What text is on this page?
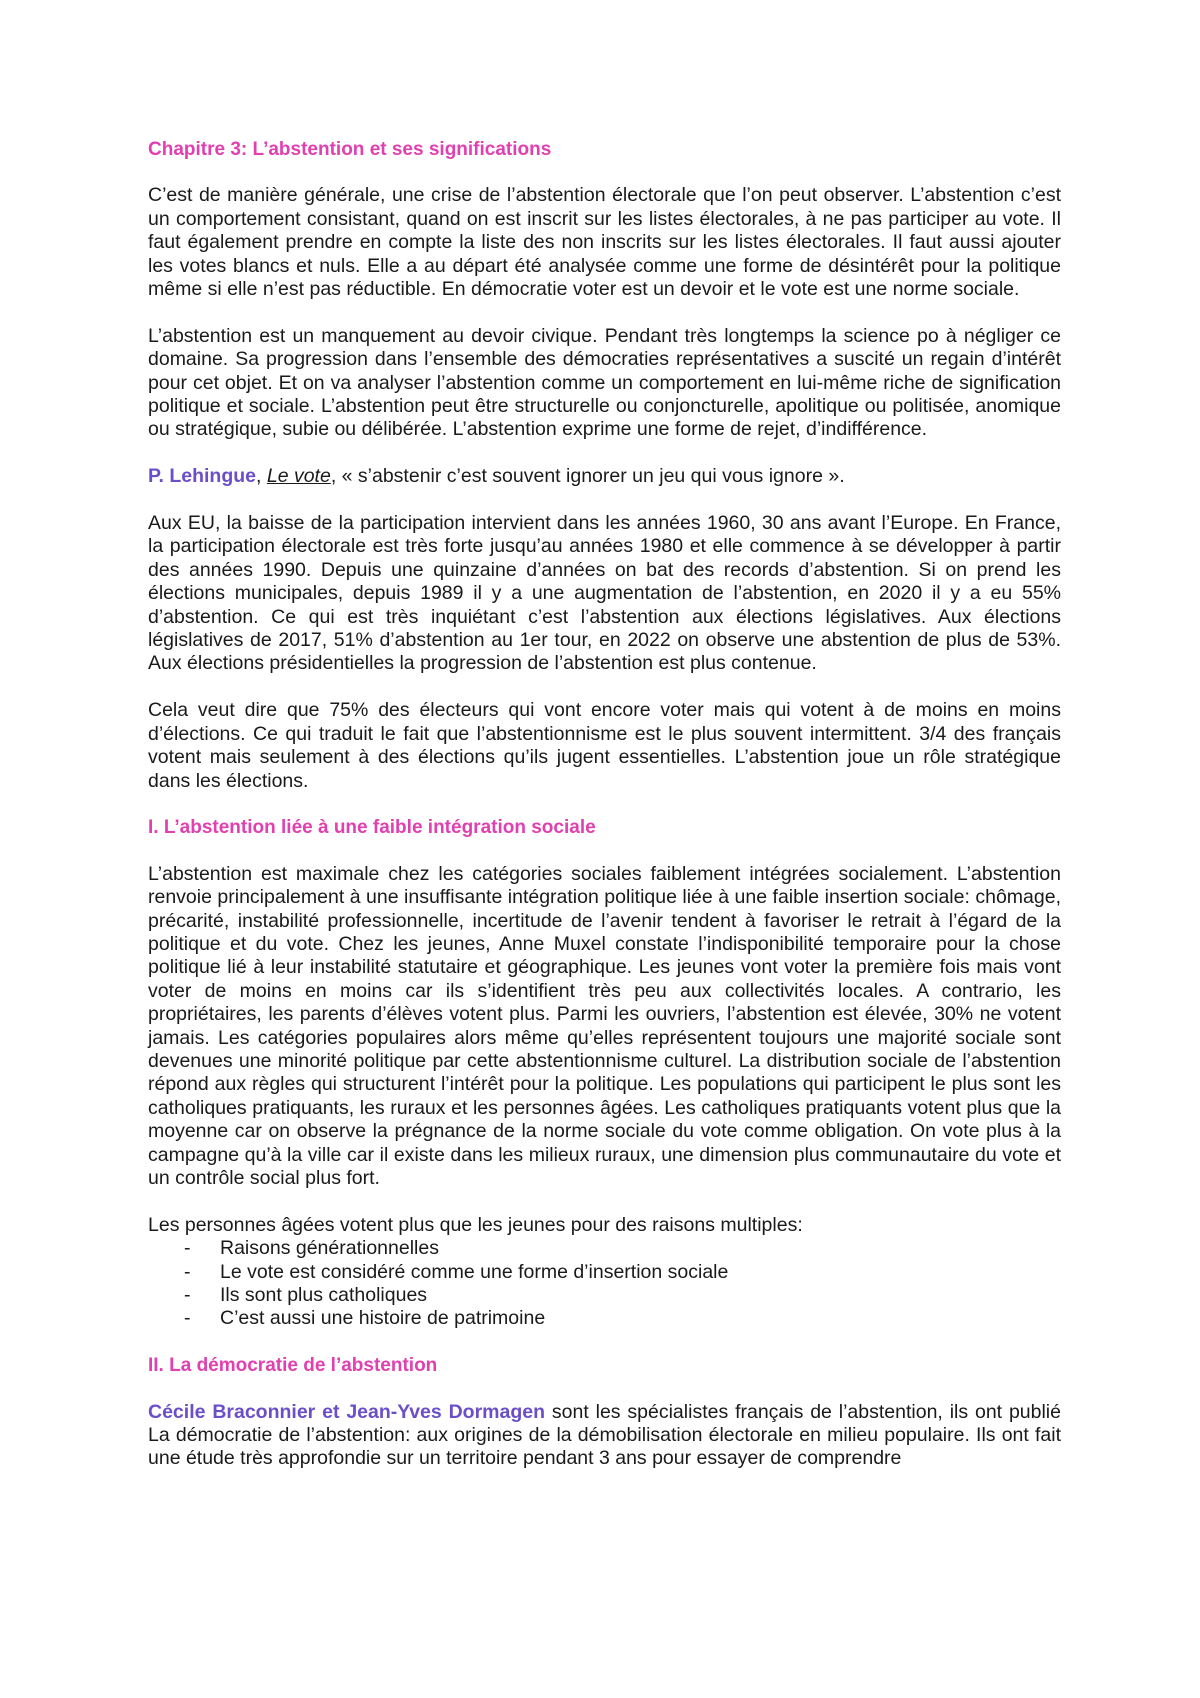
Chapitre 3: L’abstention et ses significations

C’est de manière générale, une crise de l’abstention électorale que l’on peut observer. L’abstention c’est un comportement consistant, quand on est inscrit sur les listes électorales, à ne pas participer au vote. Il faut également prendre en compte la liste des non inscrits sur les listes électorales. Il faut aussi ajouter les votes blancs et nuls. Elle a au départ été analysée comme une forme de désintérêt pour la politique même si elle n’est pas réductible. En démocratie voter est un devoir et le vote est une norme sociale.

L’abstention est un manquement au devoir civique. Pendant très longtemps la science po à négliger ce domaine. Sa progression dans l’ensemble des démocraties représentatives a suscité un regain d’intérêt pour cet objet. Et on va analyser l’abstention comme un comportement en lui-même riche de signification politique et sociale. L’abstention peut être structurelle ou conjoncturelle, apolitique ou politisée, anomique ou stratégique, subie ou délibérée. L’abstention exprime une forme de rejet, d’indifférence.

P. Lehingue, Le vote, « s’abstenir c’est souvent ignorer un jeu qui vous ignore ».

Aux EU, la baisse de la participation intervient dans les années 1960, 30 ans avant l’Europe. En France, la participation électorale est très forte jusqu’au années 1980 et elle commence à se développer à partir des années 1990. Depuis une quinzaine d’années on bat des records d’abstention. Si on prend les élections municipales, depuis 1989 il y a une augmentation de l’abstention, en 2020 il y a eu 55% d’abstention. Ce qui est très inquiétant c’est l’abstention aux élections législatives. Aux élections législatives de 2017, 51% d’abstention au 1er tour, en 2022 on observe une abstention de plus de 53%. Aux élections présidentielles la progression de l’abstention est plus contenue.

Cela veut dire que 75% des électeurs qui vont encore voter mais qui votent à de moins en moins d’élections. Ce qui traduit le fait que l’abstentionnisme est le plus souvent intermittent. 3/4 des français votent mais seulement à des élections qu’ils jugent essentielles. L’abstention joue un rôle stratégique dans les élections.

I. L’abstention liée à une faible intégration sociale

L’abstention est maximale chez les catégories sociales faiblement intégrées socialement. L’abstention renvoie principalement à une insuffisante intégration politique liée à une faible insertion sociale: chômage, précarité, instabilité professionnelle, incertitude de l’avenir tendent à favoriser le retrait à l’égard de la politique et du vote. Chez les jeunes, Anne Muxel constate l’indisponibilité temporaire pour la chose politique lié à leur instabilité statutaire et géographique. Les jeunes vont voter la première fois mais vont voter de moins en moins car ils s’identifient très peu aux collectivités locales. A contrario, les propriétaires, les parents d’élèves votent plus. Parmi les ouvriers, l’abstention est élevée, 30% ne votent jamais. Les catégories populaires alors même qu’elles représentent toujours une majorité sociale sont devenues une minorité politique par cette abstentionnisme culturel. La distribution sociale de l’abstention répond aux règles qui structurent l’intérêt pour la politique. Les populations qui participent le plus sont les catholiques pratiquants, les ruraux et les personnes âgées. Les catholiques pratiquants votent plus que la moyenne car on observe la prégnance de la norme sociale du vote comme obligation. On vote plus à la campagne qu’à la ville car il existe dans les milieux ruraux, une dimension plus communautaire du vote et un contrôle social plus fort.

Les personnes âgées votent plus que les jeunes pour des raisons multiples:

- Raisons générationnelles
- Le vote est considéré comme une forme d’insertion sociale
- Ils sont plus catholiques
- C’est aussi une histoire de patrimoine
II. La démocratie de l’abstention

Cécile Braconnier et Jean-Yves Dormagen sont les spécialistes français de l’abstention, ils ont publié La démocratie de l’abstention: aux origines de la démobilisation électorale en milieu populaire. Ils ont fait une étude très approfondie sur un territoire pendant 3 ans pour essayer de comprendre
